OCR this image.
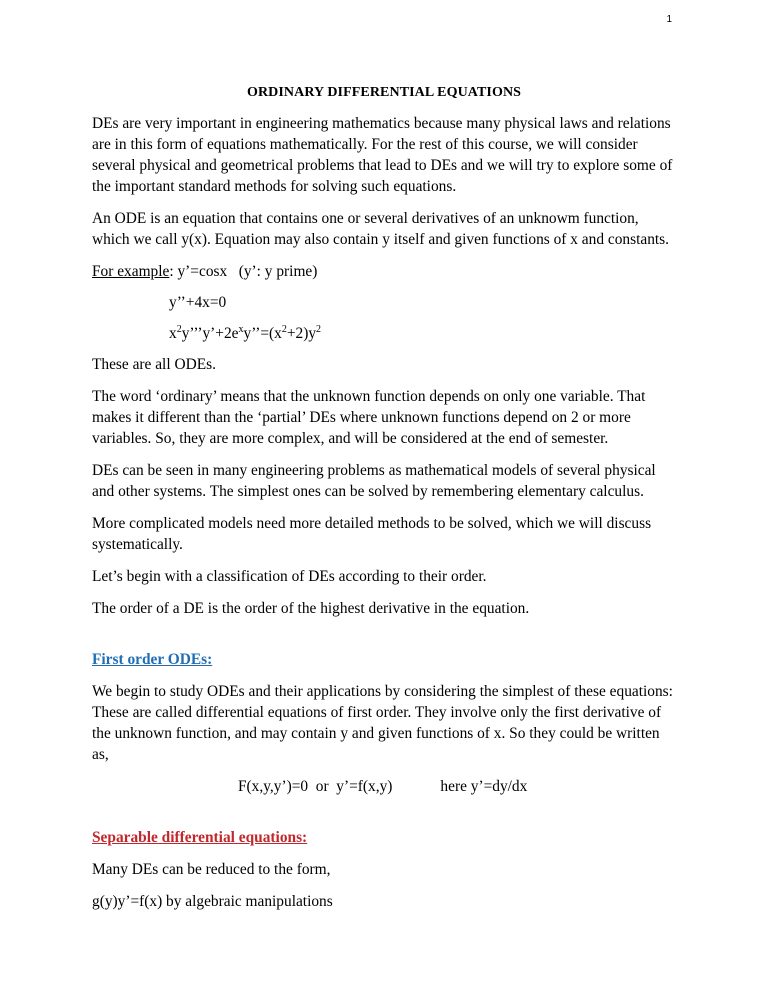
1
ORDINARY DIFFERENTIAL EQUATIONS

DEs are very important in engineering mathematics because many physical laws and relations are in this form of equations mathematically. For the rest of this course, we will consider several physical and geometrical problems that lead to DEs and we will try to explore some of the important standard methods for solving such equations.

An ODE is an equation that contains one or several derivatives of an unknowm function, which we call y(x). Equation may also contain y itself and given functions of x and constants.

For example: y’=cosx   (y’: y prime)
y’’+4x=0
$x^2y’’’y’+2e^xy’’=(x^2+2)y^2$

These are all ODEs.

The word ‘ordinary’ means that the unknown function depends on only one variable. That makes it different than the ‘partial’ DEs where unknown functions depend on 2 or more variables. So, they are more complex, and will be considered at the end of semester.

DEs can be seen in many engineering problems as mathematical models of several physical and other systems. The simplest ones can be solved by remembering elementary calculus.

More complicated models need more detailed methods to be solved, which we will discuss systematically.

Let’s begin with a classification of DEs according to their order.

The order of a DE is the order of the highest derivative in the equation.

First order ODEs:

We begin to study ODEs and their applications by considering the simplest of these equations: These are called differential equations of first order. They involve only the first derivative of the unknown function, and may contain y and given functions of x. So they could be written as,

F(x,y,y’)=0  or  y’=f(x,y)	here y’=dy/dx
Separable differential equations:

Many DEs can be reduced to the form,

g(y)y’=f(x) by algebraic manipulations
